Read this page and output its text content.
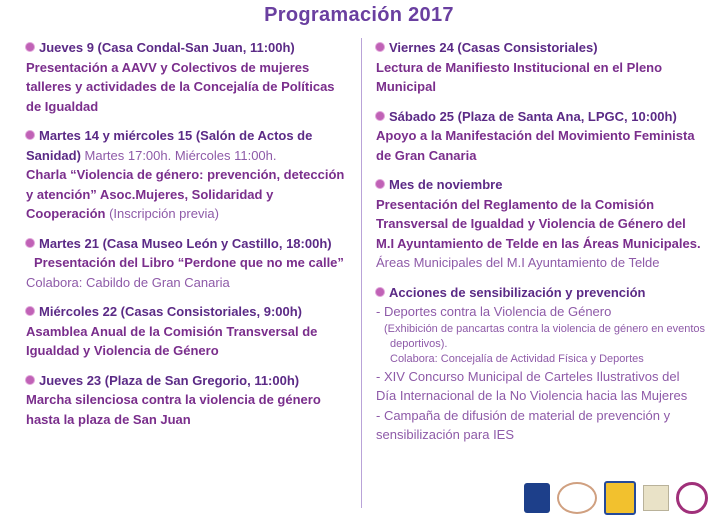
Programación 2017
Jueves 9 (Casa Condal-San Juan, 11:00h)
Presentación a AAVV y Colectivos de mujeres
talleres y actividades de la Concejalía de Políticas
de Igualdad
Martes 14 y miércoles 15 (Salón de Actos de
Sanidad) Martes 17:00h. Miércoles 11:00h.
Charla “Violencia de género: prevención, detección
y atención” Asoc.Mujeres, Solidaridad y
Cooperación (Inscripción previa)
Martes 21 (Casa Museo León y Castillo, 18:00h)
Presentación del Libro “Perdone que no me calle”
Colabora: Cabildo de Gran Canaria
Miércoles 22 (Casas Consistoriales, 9:00h)
Asamblea Anual de la Comisión Transversal de
Igualdad y Violencia de Género
Jueves 23 (Plaza de San Gregorio, 11:00h)
Marcha silenciosa contra la violencia de género
hasta la plaza de San Juan
Viernes 24 (Casas Consistoriales)
Lectura de Manifiesto Institucional en el Pleno
Municipal
Sábado 25 (Plaza de Santa Ana, LPGC, 10:00h)
Apoyo a la Manifestación del Movimiento Feminista
de Gran Canaria
Mes de noviembre
Presentación del Reglamento de la Comisión
Transversal de Igualdad y Violencia de Género del
M.I Ayuntamiento de Telde en las Áreas Municipales.
Áreas Municipales del M.I Ayuntamiento de Telde
Acciones de sensibilización y prevención
- Deportes contra la Violencia de Género
(Exhibición de pancartas contra la violencia de género en eventos
deportivos).
Colabora: Concejalía de Actividad Física y Deportes
- XIV Concurso Municipal de Carteles Ilustrativos del
Día Internacional de la No Violencia hacia las Mujeres
- Campaña de difusión de material de prevención y
sensibilización para IES
